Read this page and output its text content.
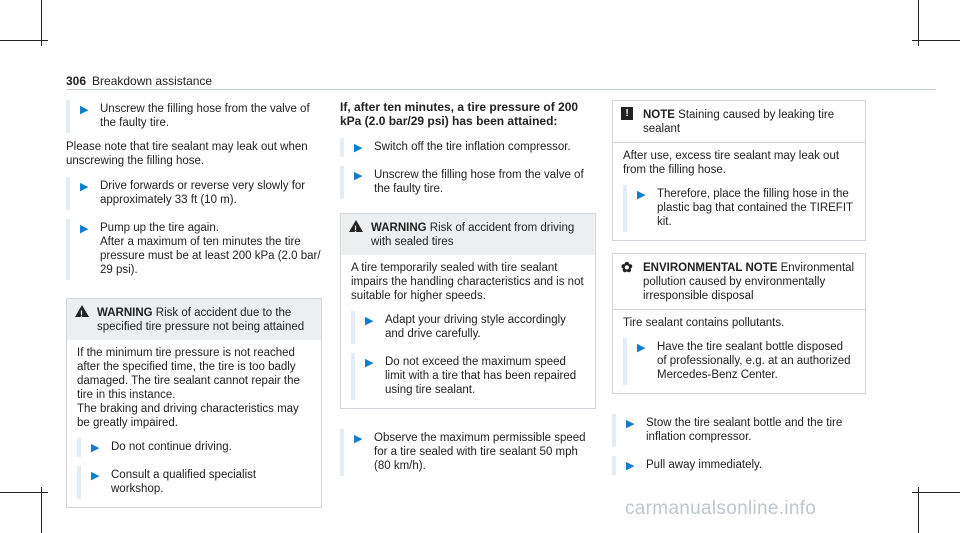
306 Breakdown assistance
▶ Unscrew the filling hose from the valve of the faulty tire.
Please note that tire sealant may leak out when unscrewing the filling hose.
▶ Drive forwards or reverse very slowly for approximately 33 ft (10 m).
▶ Pump up the tire again.
After a maximum of ten minutes the tire pressure must be at least 200 kPa (2.0 bar/ 29 psi).
! WARNING Risk of accident due to the specified tire pressure not being attained
If the minimum tire pressure is not reached after the specified time, the tire is too badly damaged. The tire sealant cannot repair the tire in this instance.
The braking and driving characteristics may be greatly impaired.
▶ Do not continue driving.
▶ Consult a qualified specialist workshop.
If, after ten minutes, a tire pressure of 200 kPa (2.0 bar/29 psi) has been attained:
▶ Switch off the tire inflation compressor.
▶ Unscrew the filling hose from the valve of the faulty tire.
! WARNING Risk of accident from driving with sealed tires
A tire temporarily sealed with tire sealant impairs the handling characteristics and is not suitable for higher speeds.
▶ Adapt your driving style accordingly and drive carefully.
▶ Do not exceed the maximum speed limit with a tire that has been repaired using tire sealant.
▶ Observe the maximum permissible speed for a tire sealed with tire sealant 50 mph (80 km/h).
!	NOTE Staining caused by leaking tire sealant
After use, excess tire sealant may leak out from the filling hose.
▶ Therefore, place the filling hose in the plastic bag that contained the TIREFIT kit.
✿ ENVIRONMENTAL NOTE Environmental pollution caused by environmentally irresponsible disposal
Tire sealant contains pollutants.
▶ Have the tire sealant bottle disposed of professionally, e.g. at an authorized Mercedes-Benz Center.
▶ Stow the tire sealant bottle and the tire inflation compressor.
▶ Pull away immediately.
carmanualsonline.info
